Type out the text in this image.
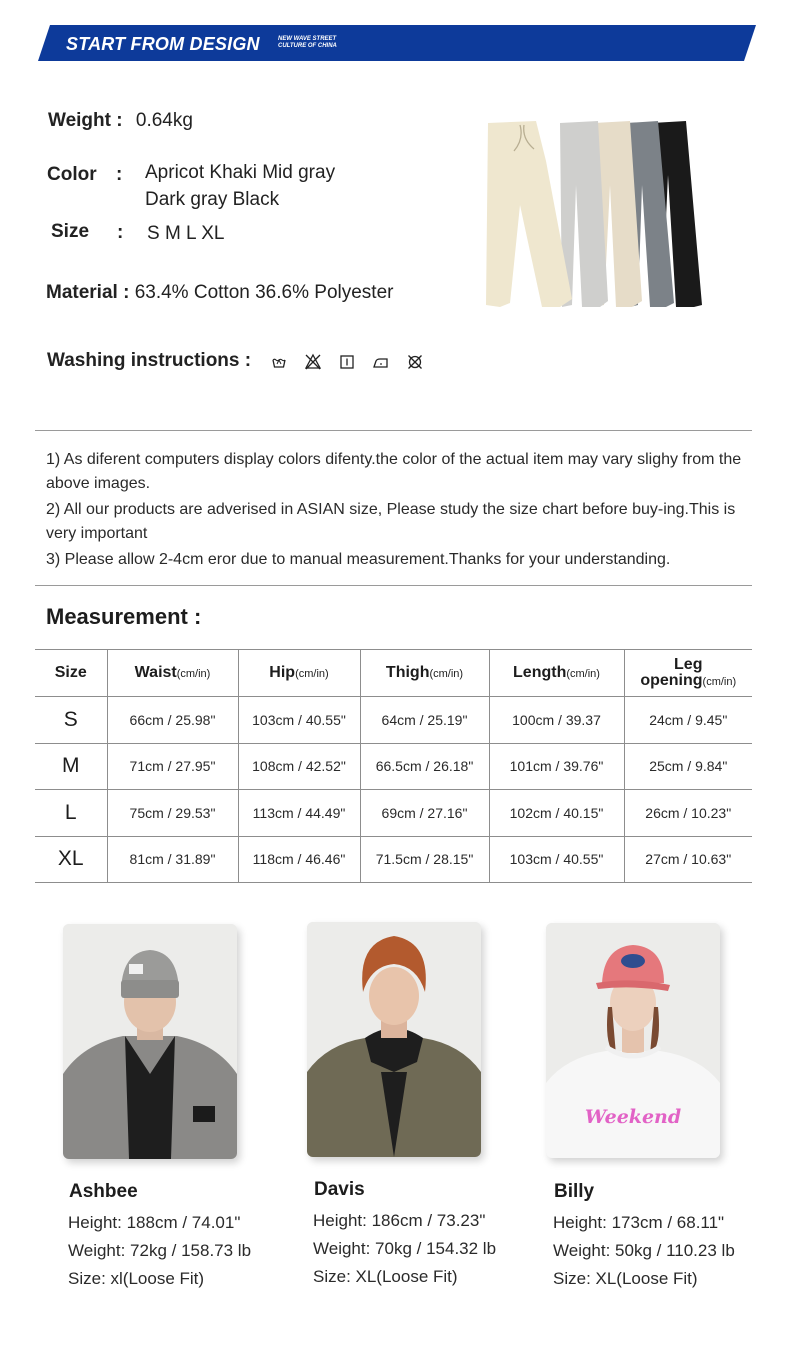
START FROM DESIGN	NEW WAVE STREET
CULTURE OF CHINA
Weight : 0.64kg
Color : Apricot Khaki Mid gray
Dark gray Black
Size : S M L XL
Material : 63.4% Cotton 36.6% Polyester
Washing instructions :

1) As diferent computers display colors difenty.the color of the actual item may vary slighy from the above images.

2) All our products are adverised in ASIAN size, Please study the size chart before buy-ing.This is very important

3) Please allow 2-4cm eror due to manual measurement.Thanks for your understanding.

Measurement :
Size	Waist(cm/in)	Hip(cm/in)	Thigh(cm/in)	Length(cm/in)	Leg
opening(cm/in)
S	66cm / 25.98"	103cm / 40.55"	64cm / 25.19"	100cm / 39.37	24cm / 9.45"
M	71cm / 27.95"	108cm / 42.52"	66.5cm / 26.18"	101cm / 39.76"	25cm / 9.84"
L	75cm / 29.53"	113cm / 44.49"	69cm / 27.16"	102cm / 40.15"	26cm / 10.23"
XL	81cm / 31.89"	118cm / 46.46"	71.5cm / 28.15"	103cm / 40.55"	27cm / 10.63"
Ashbee
Height: 188cm / 74.01"
Weight: 72kg / 158.73 lb
Size: xl(Loose Fit)
Davis
Height: 186cm / 73.23"
Weight: 70kg / 154.32 lb
Size: XL(Loose Fit)
Weekend
Billy
Height: 173cm / 68.11"
Weight: 50kg / 110.23 lb
Size: XL(Loose Fit)
